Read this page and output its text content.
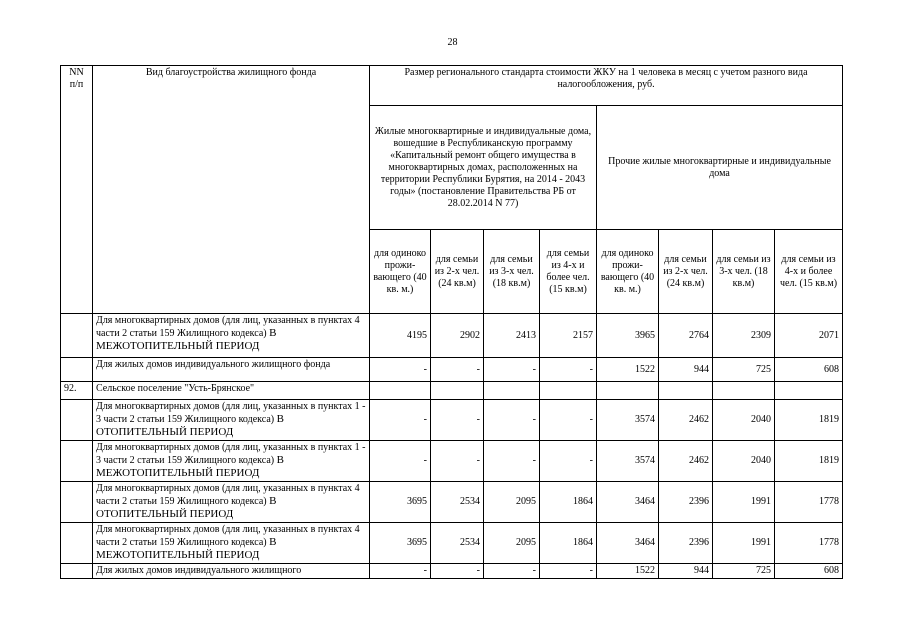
28
NN п/п	Вид благоустройства жилищного фонда	Размер регионального стандарта стоимости ЖКУ на 1 человека в месяц с учетом разного вида налогообложения, руб.							
		Жилые многоквартирные и индивидуальные дома, вошедшие в Республиканскую программу «Капитальный ремонт общего имущества в многоквартирных домах, расположенных на территории Республики Бурятия, на 2014 - 2043 годы» (постановление Правительства РБ от 28.02.2014 N 77)				Прочие жилые многоквартирные и индивидуальные дома			
		для одиноко прожи-вающего (40 кв. м.)	для семьи из 2-х чел. (24 кв.м)	для семьи из 3-х чел. (18 кв.м)	для семьи из 4-х и более чел. (15 кв.м)	для одиноко прожи-вающего (40 кв. м.)	для семьи из 2-х чел. (24 кв.м)	для семьи из 3-х чел. (18 кв.м)	для семьи из 4-х и более чел. (15 кв.м)
	Для многоквартирных домов (для лиц, указанных в пунктах 4 части 2 статьи 159 Жилищного кодекса) В МЕЖОТОПИТЕЛЬНЫЙ ПЕРИОД	4195	2902	2413	2157	3965	2764	2309	2071
	Для жилых домов индивидуального жилищного фонда	-	-	-	-	1522	944	725	608
92.	Сельское поселение "Усть-Брянское"								
	Для многоквартирных домов (для лиц, указанных в пунктах 1 - 3 части 2 статьи 159 Жилищного кодекса) В ОТОПИТЕЛЬНЫЙ ПЕРИОД	-	-	-	-	3574	2462	2040	1819
	Для многоквартирных домов (для лиц, указанных в пунктах 1 - 3 части 2 статьи 159 Жилищного кодекса) В МЕЖОТОПИТЕЛЬНЫЙ ПЕРИОД	-	-	-	-	3574	2462	2040	1819
	Для многоквартирных домов (для лиц, указанных в пунктах 4 части 2 статьи 159 Жилищного кодекса) В ОТОПИТЕЛЬНЫЙ ПЕРИОД	3695	2534	2095	1864	3464	2396	1991	1778
	Для многоквартирных домов (для лиц, указанных в пунктах 4 части 2 статьи 159 Жилищного кодекса) В МЕЖОТОПИТЕЛЬНЫЙ ПЕРИОД	3695	2534	2095	1864	3464	2396	1991	1778
	Для жилых домов индивидуального жилищного	-	-	-	-	1522	944	725	608
